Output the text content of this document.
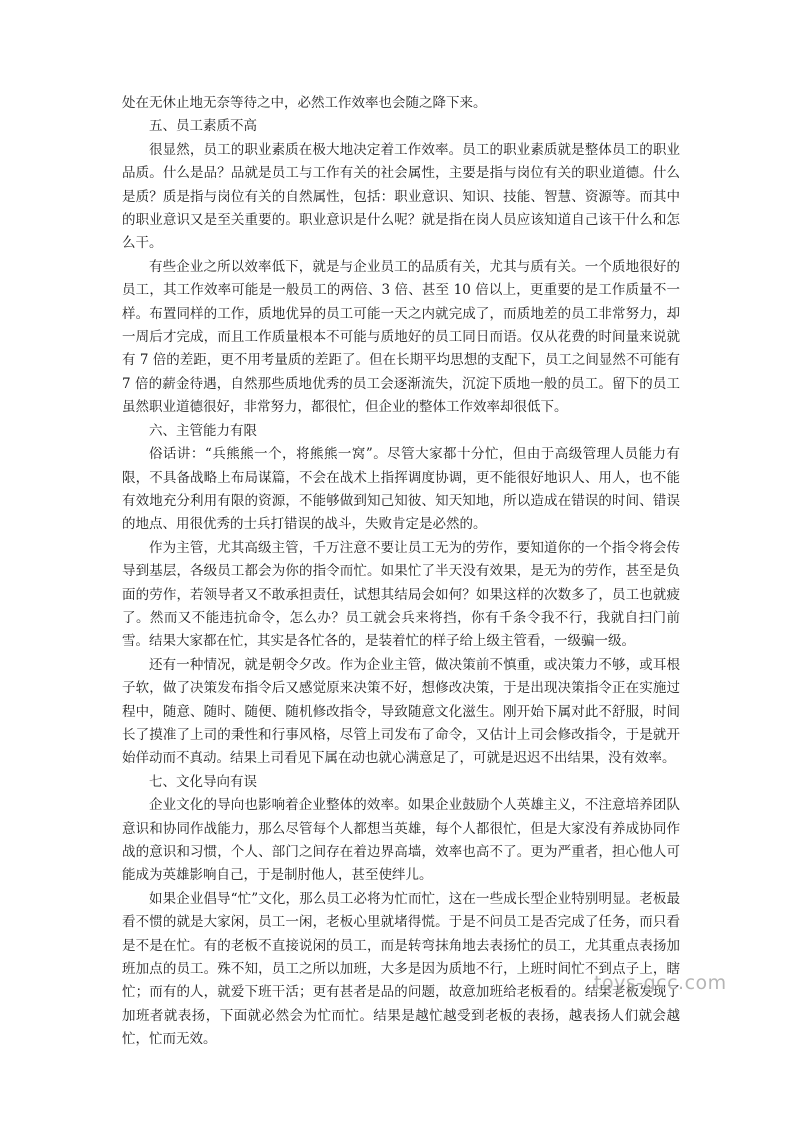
处在无休止地无奈等待之中，必然工作效率也会随之降下来。

五、员工素质不高

很显然，员工的职业素质在极大地决定着工作效率。员工的职业素质就是整体员工的职业品质。什么是品？品就是员工与工作有关的社会属性，主要是指与岗位有关的职业道德。什么是质？质是指与岗位有关的自然属性，包括：职业意识、知识、技能、智慧、资源等。而其中的职业意识又是至关重要的。职业意识是什么呢？就是指在岗人员应该知道自己该干什么和怎么干。

有些企业之所以效率低下，就是与企业员工的品质有关，尤其与质有关。一个质地很好的员工，其工作效率可能是一般员工的两倍、3 倍、甚至 10 倍以上，更重要的是工作质量不一样。布置同样的工作，质地优异的员工可能一天之内就完成了，而质地差的员工非常努力，却一周后才完成，而且工作质量根本不可能与质地好的员工同日而语。仅从花费的时间量来说就有 7 倍的差距，更不用考量质的差距了。但在长期平均思想的支配下，员工之间显然不可能有 7 倍的薪金待遇，自然那些质地优秀的员工会逐渐流失，沉淀下质地一般的员工。留下的员工虽然职业道德很好，非常努力，都很忙，但企业的整体工作效率却很低下。

六、主管能力有限

俗话讲：“兵熊熊一个，将熊熊一窝”。尽管大家都十分忙，但由于高级管理人员能力有限，不具备战略上布局谋篇，不会在战术上指挥调度协调，更不能很好地识人、用人，也不能有效地充分利用有限的资源，不能够做到知己知彼、知天知地，所以造成在错误的时间、错误的地点、用很优秀的士兵打错误的战斗，失败肯定是必然的。

作为主管，尤其高级主管，千万注意不要让员工无为的劳作，要知道你的一个指令将会传导到基层，各级员工都会为你的指令而忙。如果忙了半天没有效果，是无为的劳作，甚至是负面的劳作，若领导者又不敢承担责任，试想其结局会如何？如果这样的次数多了，员工也就疲了。然而又不能违抗命令，怎么办？员工就会兵来将挡，你有千条令我不行，我就自扫门前雪。结果大家都在忙，其实是各忙各的，是装着忙的样子给上级主管看，一级骗一级。

还有一种情况，就是朝令夕改。作为企业主管，做决策前不慎重，或决策力不够，或耳根子软，做了决策发布指令后又感觉原来决策不好，想修改决策，于是出现决策指令正在实施过程中，随意、随时、随便、随机修改指令，导致随意文化滋生。刚开始下属对此不舒服，时间长了摸准了上司的秉性和行事风格，尽管上司发布了命令，又估计上司会修改指令，于是就开始佯动而不真动。结果上司看见下属在动也就心满意足了，可就是迟迟不出结果，没有效率。

七、文化导向有误

企业文化的导向也影响着企业整体的效率。如果企业鼓励个人英雄主义，不注意培养团队意识和协同作战能力，那么尽管每个人都想当英雄，每个人都很忙，但是大家没有养成协同作战的意识和习惯，个人、部门之间存在着边界高墙，效率也高不了。更为严重者，担心他人可能成为英雄影响自己，于是制肘他人，甚至使绊儿。

如果企业倡导“忙”文化，那么员工必将为忙而忙，这在一些成长型企业特别明显。老板最看不惯的就是大家闲，员工一闲，老板心里就堵得慌。于是不问员工是否完成了任务，而只看是不是在忙。有的老板不直接说闲的员工，而是转弯抹角地去表扬忙的员工，尤其重点表扬加班加点的员工。殊不知，员工之所以加班，大多是因为质地不行，上班时间忙不到点子上，瞎忙；而有的人，就爱下班干活；更有甚者是品的问题，故意加班给老板看的。结果老板发现了加班者就表扬，下面就必然会为忙而忙。结果是越忙越受到老板的表扬，越表扬人们就会越忙，忙而无效。

toys-gcc.com
